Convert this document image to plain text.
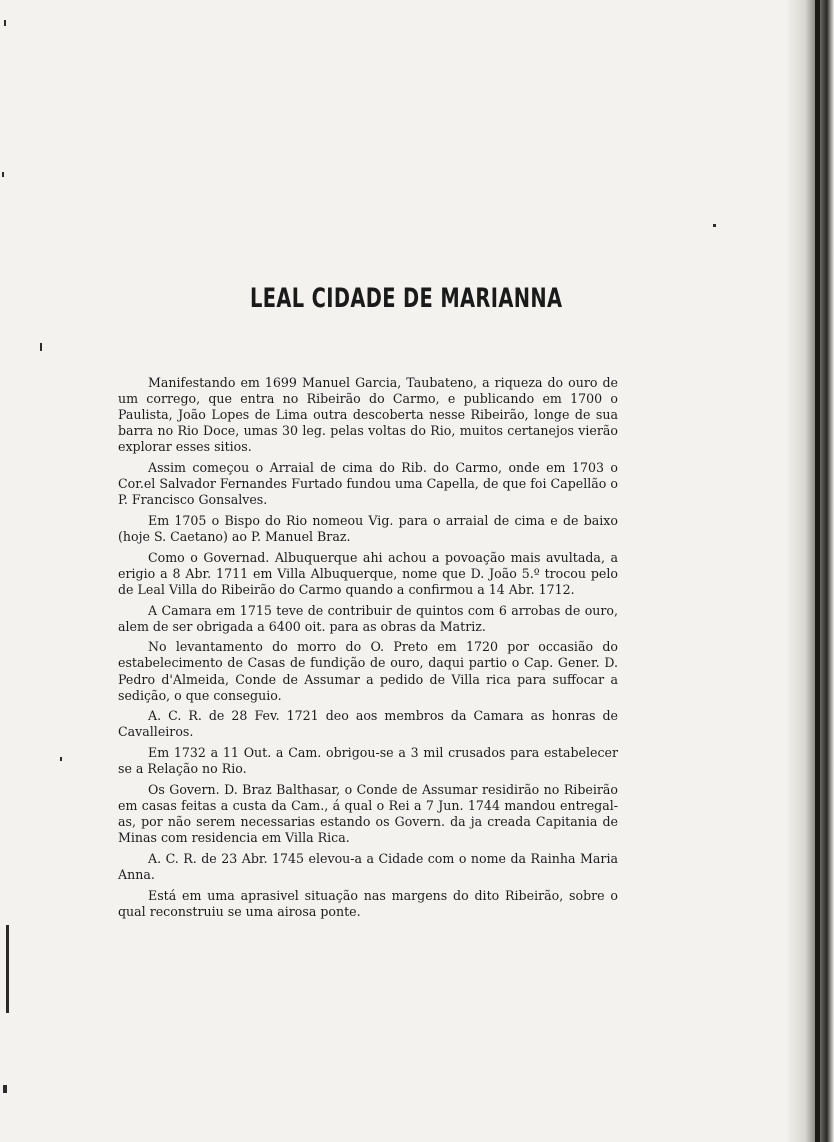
LEAL CIDADE DE MARIANNA

Manifestando em 1699 Manuel Garcia, Taubateno, a riqueza do ouro de um corrego, que entra no Ribeirão do Carmo, e publicando em 1700 o Paulista, João Lopes de Lima outra descoberta nesse Ribeirão, longe de sua barra no Rio Doce, umas 30 leg. pelas voltas do Rio, muitos certanejos vierão explorar esses sitios.

Assim começou o Arraial de cima do Rib. do Carmo, onde em 1703 o Cor.el Salvador Fernandes Furtado fundou uma Capella, de que foi Capellão o P. Francisco Gonsalves.

Em 1705 o Bispo do Rio nomeou Vig. para o arraial de cima e de baixo (hoje S. Caetano) ao P. Manuel Braz.

Como o Governad. Albuquerque ahi achou a povoação mais avultada, a erigio a 8 Abr. 1711 em Villa Albuquerque, nome que D. João 5.º trocou pelo de Leal Villa do Ribeirão do Carmo quando a confirmou a 14 Abr. 1712.

A Camara em 1715 teve de contribuir de quintos com 6 arrobas de ouro, alem de ser obrigada a 6400 oit. para as obras da Matriz.

No levantamento do morro do O. Preto em 1720 por occasião do estabelecimento de Casas de fundição de ouro, daqui partio o Cap. Gener. D. Pedro d'Almeida, Conde de Assumar a pedido de Villa rica para suffocar a sedição, o que conseguio.

A. C. R. de 28 Fev. 1721 deo aos membros da Camara as honras de Cavalleiros.

Em 1732 a 11 Out. a Cam. obrigou-se a 3 mil crusados para estabelecer se a Relação no Rio.

Os Govern. D. Braz Balthasar, o Conde de Assumar residirão no Ribeirão em casas feitas a custa da Cam., á qual o Rei a 7 Jun. 1744 mandou entregal-as, por não serem necessarias estando os Govern. da ja creada Capitania de Minas com residencia em Villa Rica.

A. C. R. de 23 Abr. 1745 elevou-a a Cidade com o nome da Rainha Maria Anna.

Está em uma aprasivel situação nas margens do dito Ribeirão, sobre o qual reconstruiu se uma airosa ponte.
